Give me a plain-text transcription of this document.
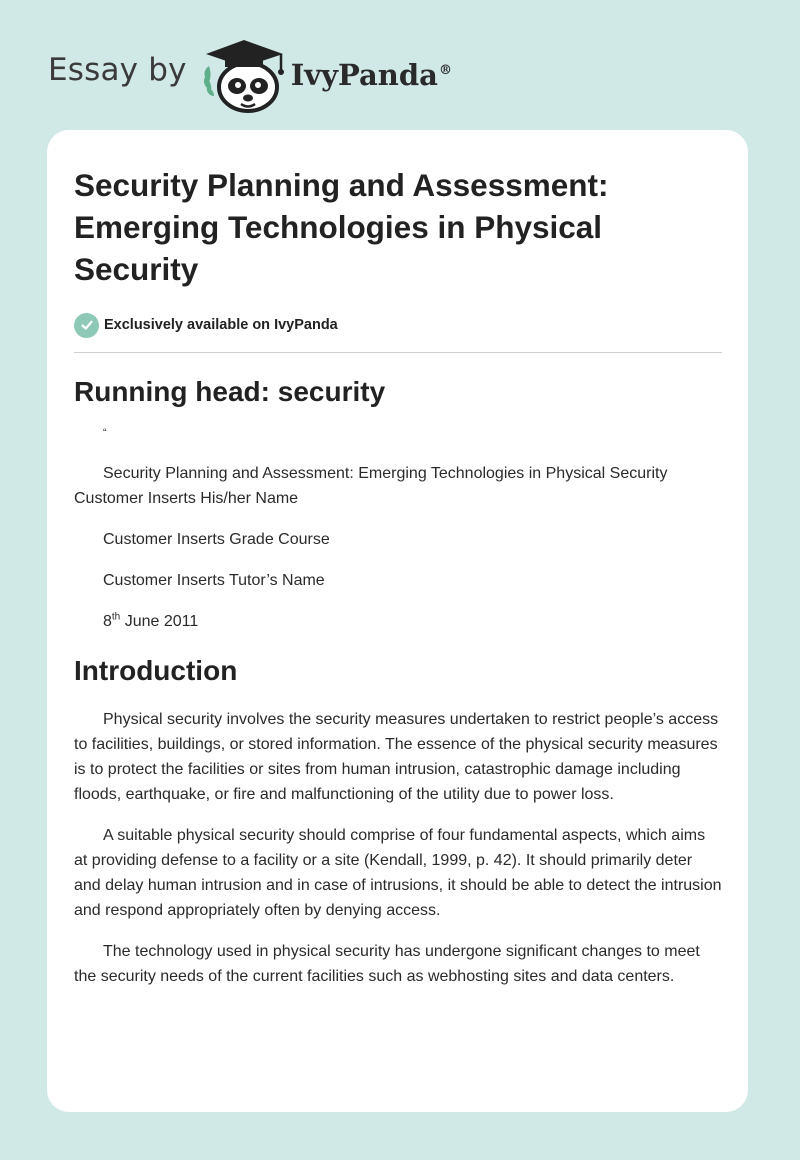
Essay by	IvyPanda®
Security Planning and Assessment: Emerging Technologies in Physical Security
Exclusively available on IvyPanda
Running head: security

“

Security Planning and Assessment: Emerging Technologies in Physical Security Customer Inserts His/her Name

Customer Inserts Grade Course

Customer Inserts Tutor’s Name

8th June 2011

Introduction

Physical security involves the security measures undertaken to restrict people’s access to facilities, buildings, or stored information. The essence of the physical security measures is to protect the facilities or sites from human intrusion, catastrophic damage including floods, earthquake, or fire and malfunctioning of the utility due to power loss.

A suitable physical security should comprise of four fundamental aspects, which aims at providing defense to a facility or a site (Kendall, 1999, p. 42). It should primarily deter and delay human intrusion and in case of intrusions, it should be able to detect the intrusion and respond appropriately often by denying access.

The technology used in physical security has undergone significant changes to meet the security needs of the current facilities such as webhosting sites and data centers.
